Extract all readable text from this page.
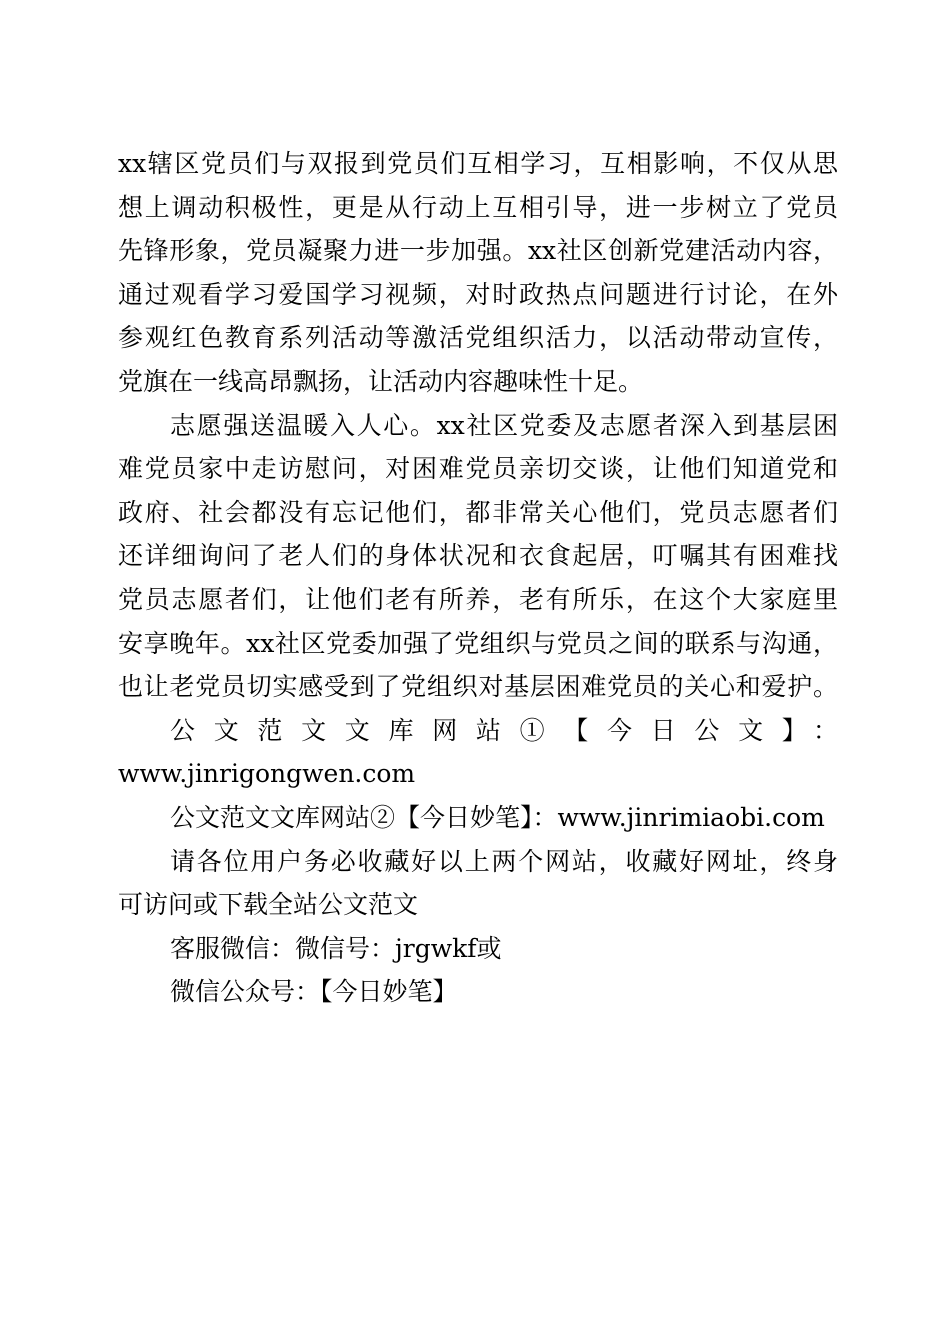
xx辖区党员们与双报到党员们互相学习，互相影响，不仅从思
想上调动积极性，更是从行动上互相引导，进一步树立了党员
先锋形象，党员凝聚力进一步加强。xx社区创新党建活动内容，
通过观看学习爱国学习视频，对时政热点问题进行讨论，在外
参观红色教育系列活动等激活党组织活力，以活动带动宣传，
党旗在一线高昂飘扬，让活动内容趣味性十足。
志愿强送温暖入人心。xx社区党委及志愿者深入到基层困
难党员家中走访慰问，对困难党员亲切交谈，让他们知道党和
政府、社会都没有忘记他们，都非常关心他们，党员志愿者们
还详细询问了老人们的身体状况和衣食起居，叮嘱其有困难找
党员志愿者们，让他们老有所养，老有所乐，在这个大家庭里
安享晚年。xx社区党委加强了党组织与党员之间的联系与沟通，
也让老党员切实感受到了党组织对基层困难党员的关心和爱护。
公文范文文库网站①【今日公文】：
www.jinrigongwen.com
公文范文文库网站②【今日妙笔】：www.jinrimiaobi.com
请各位用户务必收藏好以上两个网站，收藏好网址，终身
可访问或下载全站公文范文
客服微信：微信号：jrgwkf或
微信公众号：【今日妙笔】
